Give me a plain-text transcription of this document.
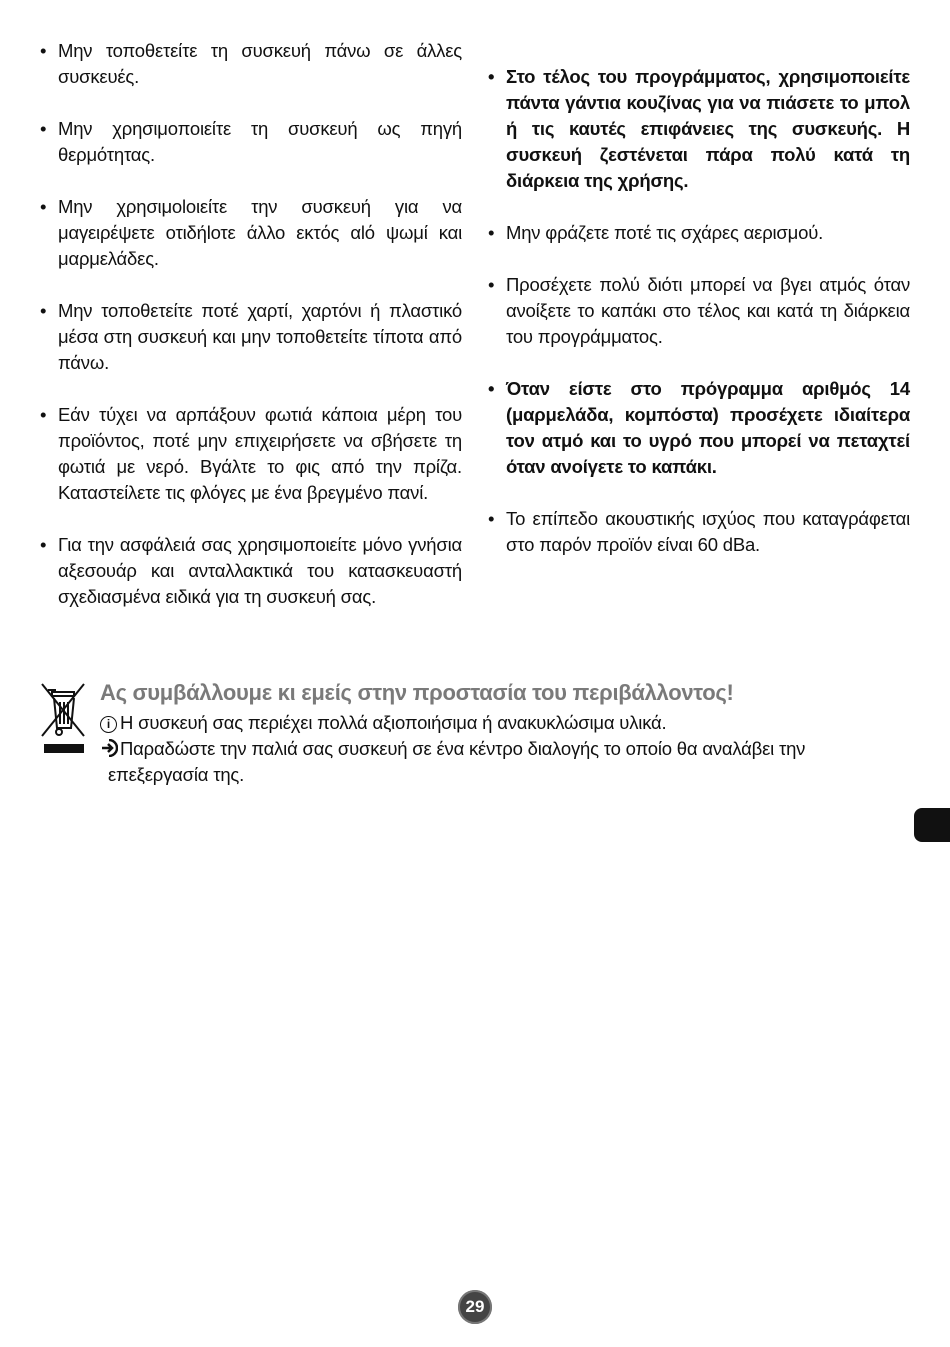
• Μην τοποθετείτε τη συσκευή πάνω σε άλλες συσκευές.
• Μην χρησιμοποιείτε τη συσκευή ως πηγή θερμότητας.
• Μην χρησιμοlοιείτε την συσκευή για να μαγειρέψετε οτιδήlοτε άλλο εκτός αlό ψωμί και μαρμελάδες.
• Μην τοποθετείτε ποτέ χαρτί, χαρτόνι ή πλαστικό μέσα στη συσκευή και μην τοποθετείτε τίποτα από πάνω.
• Εάν τύχει να αρπάξουν φωτιά κάποια μέρη του προϊόντος, ποτέ μην επιχειρήσετε να σβήσετε τη φωτιά με νερό. Βγάλτε το φις από την πρίζα. Καταστείλετε τις φλόγες με ένα βρεγμένο πανί.
• Για την ασφάλειά σας χρησιμοποιείτε μόνο γνήσια αξεσουάρ και ανταλλακτικά του κατασκευαστή σχεδιασμένα ειδικά για τη συσκευή σας.
• Στο τέλος του προγράμματος, χρησιμοποιείτε πάντα γάντια κουζίνας για να πιάσετε το μπολ ή τις καυτές επιφάνειες της συσκευής. Η συσκευή ζεστένεται πάρα πολύ κατά τη διάρκεια της χρήσης.
• Μην φράζετε ποτέ τις σχάρες αερισμού.
• Προσέχετε πολύ διότι μπορεί να βγει ατμός όταν ανοίξετε το καπάκι στο τέλος και κατά τη διάρκεια του προγράμματος.
• Όταν είστε στο πρόγραμμα αριθμός 14 (μαρμελάδα, κομπόστα) προσέχετε ιδιαίτερα τον ατμό και το υγρό που μπορεί να πεταχτεί όταν ανοίγετε το καπάκι.
• Το επίπεδο ακουστικής ισχύος που καταγράφεται στο παρόν προϊόν είναι 60 dBa.
Ας συμβάλλουμε κι εμείς στην προστασία του περιβάλλοντος!
i Η συσκευή σας περιέχει πολλά αξιοποιήσιμα ή ανακυκλώσιμα υλικά.
Παραδώστε την παλιά σας συσκευή σε ένα κέντρο διαλογής το οποίο θα αναλάβει την
επεξεργασία της.
29
